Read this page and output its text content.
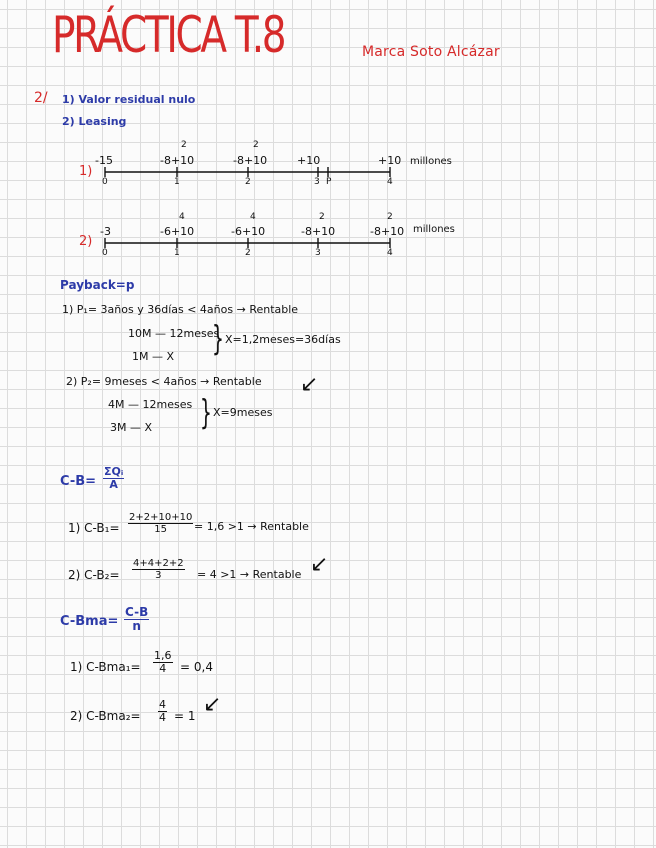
PRÁCTICA T.8	Marca Soto Alcázar
2/ 1) Valor residual nulo
2) Leasing
1)
-15
2
-8+10
2
-8+10	+10	+10 millones
0	1	2	3 P	4
2)
-3
4
-6+10
4
-6+10
2
-8+10
2
-8+10 millones
0	1	2	3	4
Payback=p
1) P₁= 3años y 36días < 4años → Rentable
10M — 12meses
1M — X } X=1,2meses=36días
2) P₂= 9meses < 4años → Rentable ↙
4M — 12meses
3M — X } X=9meses
C-B=
ΣQᵢ
A
1) $C-B_1= \frac{2+2+10+10}{15} = 1,6 >1$ → Rentable
2) $C-B_2= \frac{4+4+2+2}{3} = 4 >1$ → Rentable ↙
$C-Bma= \frac{C-B}{n}$
1) $C-Bma_1= \frac{1,6}{4} = 0,4$
2) $C-Bma_2= \frac{4}{4} = 1$ ↙
